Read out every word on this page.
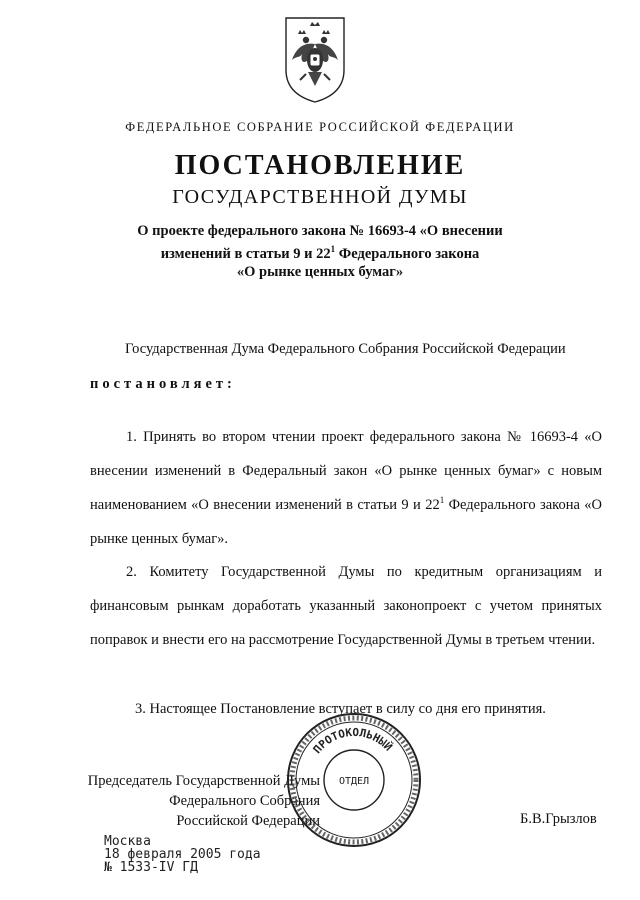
ФЕДЕРАЛЬНОЕ СОБРАНИЕ РОССИЙСКОЙ ФЕДЕРАЦИИ
ПОСТАНОВЛЕНИЕ
ГОСУДАРСТВЕННОЙ ДУМЫ
О проекте федерального закона № 16693-4 «О внесении
изменений в статьи 9 и $22^1$ Федерального закона
«О рынке ценных бумаг»
Государственная Дума Федерального Собрания Российской Федерации
постановляет:
1. Принять во втором чтении проект федерального закона № 16693-4 «О внесении изменений в Федеральный закон «О рынке ценных бумаг» с новым наименованием «О внесении изменений в статьи 9 и $22^1$ Федерального закона «О рынке ценных бумаг».
2. Комитету Государственной Думы по кредитным организациям и финансовым рынкам доработать указанный законопроект с учетом принятых поправок и внести его на рассмотрение Государственной Думы в третьем чтении.
3. Настоящее Постановление вступает в силу со дня его принятия.
Председатель Государственной Думы
Федерального Собрания
Российской Федерации	Б.В.Грызлов
ПРОТОКОЛЬНЫЙ
ОТДЕЛ
Москва
18 февраля 2005 года
№ 1533-IV ГД
